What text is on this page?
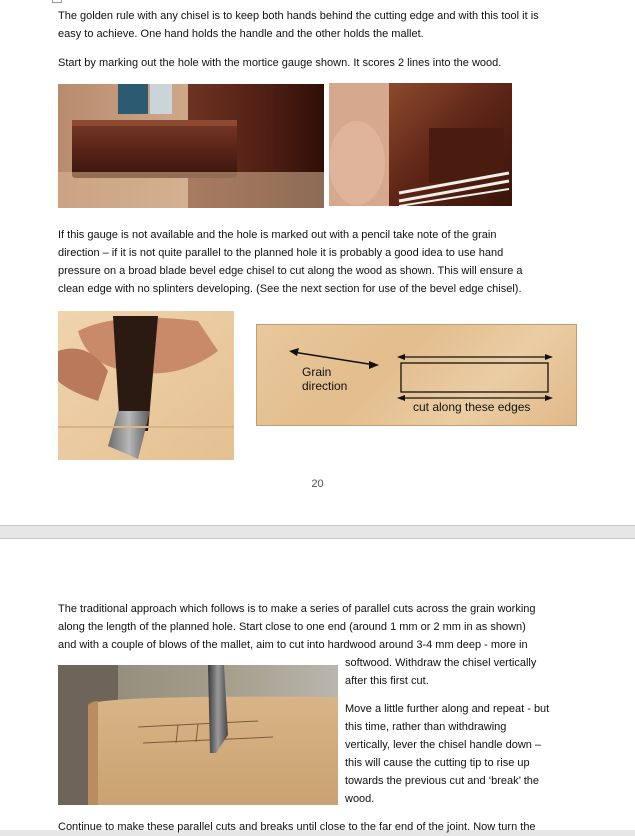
The golden rule with any chisel is to keep both hands behind the cutting edge and with this tool it is
easy to achieve. One hand holds the handle and the other holds the mallet.

Start by marking out the hole with the mortice gauge shown. It scores 2 lines into the wood.

If this gauge is not available and the hole is marked out with a pencil take note of the grain
direction – if it is not quite parallel to the planned hole it is probably a good idea to use hand
pressure on a broad blade bevel edge chisel to cut along the wood as shown. This will ensure a
clean edge with no splinters developing. (See the next section for use of the bevel edge chisel).

Grain
direction
cut along these edges
20

The traditional approach which follows is to make a series of parallel cuts across the grain working
along the length of the planned hole. Start close to one end (around 1 mm or 2 mm in as shown)
and with a couple of blows of the mallet, aim to cut into hardwood around 3-4 mm deep - more in

softwood. Withdraw the chisel vertically
after this first cut.

Move a little further along and repeat - but
this time, rather than withdrawing
vertically, lever the chisel handle down –
this will cause the cutting tip to rise up
towards the previous cut and ‘break’ the
wood.

Continue to make these parallel cuts and breaks until close to the far end of the joint. Now turn the
